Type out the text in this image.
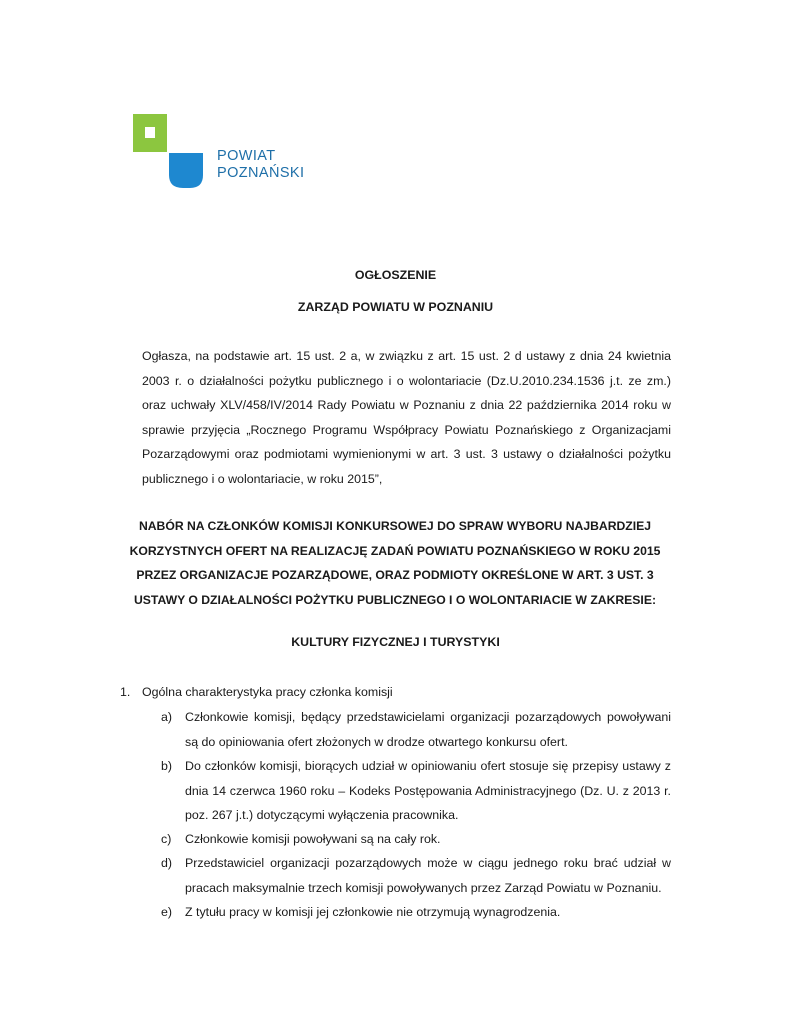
POWIAT
POZNAŃSKI
OGŁOSZENIE
ZARZĄD POWIATU W POZNANIU
Ogłasza, na podstawie art. 15 ust. 2 a, w związku z art. 15 ust. 2 d ustawy z dnia 24 kwietnia 2003 r. o działalności pożytku publicznego i o wolontariacie (Dz.U.2010.234.1536 j.t. ze zm.) oraz uchwały XLV/458/IV/2014 Rady Powiatu w Poznaniu z dnia 22 października 2014 roku w sprawie przyjęcia „Rocznego Programu Współpracy Powiatu Poznańskiego z Organizacjami Pozarządowymi oraz podmiotami wymienionymi w art. 3 ust. 3 ustawy o działalności pożytku publicznego i o wolontariacie, w roku 2015”,
NABÓR NA CZŁONKÓW KOMISJI KONKURSOWEJ DO SPRAW WYBORU NAJBARDZIEJ KORZYSTNYCH OFERT NA REALIZACJĘ ZADAŃ POWIATU POZNAŃSKIEGO W ROKU 2015 PRZEZ ORGANIZACJE POZARZĄDOWE, ORAZ PODMIOTY OKREŚLONE W ART. 3 UST. 3 USTAWY O DZIAŁALNOŚCI POŻYTKU PUBLICZNEGO I O WOLONTARIACIE W ZAKRESIE:
KULTURY FIZYCZNEJ I TURYSTYKI
1. Ogólna charakterystyka pracy członka komisji
a) Członkowie komisji, będący przedstawicielami organizacji pozarządowych powoływani są do opiniowania ofert złożonych w drodze otwartego konkursu ofert.
b) Do członków komisji, biorących udział w opiniowaniu ofert stosuje się przepisy ustawy z dnia 14 czerwca 1960 roku – Kodeks Postępowania Administracyjnego (Dz. U. z 2013 r. poz. 267 j.t.) dotyczącymi wyłączenia pracownika.
c) Członkowie komisji powoływani są na cały rok.
d) Przedstawiciel organizacji pozarządowych może w ciągu jednego roku brać udział w pracach maksymalnie trzech komisji powoływanych przez Zarząd Powiatu w Poznaniu.
e) Z tytułu pracy w komisji jej członkowie nie otrzymują wynagrodzenia.
